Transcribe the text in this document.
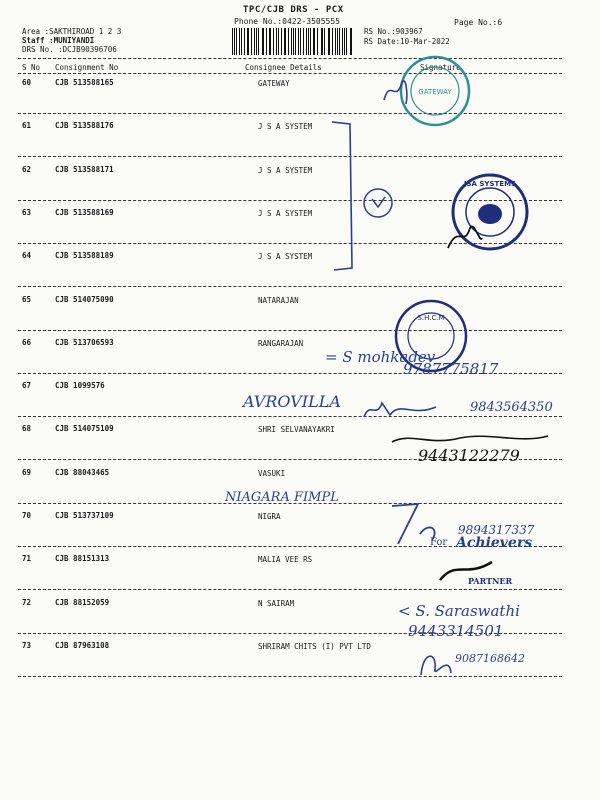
TPC/CJB DRS - PCX
Phone No.:0422-3505555	Page No.:6
Area :SAKTHIROAD 1 2 3
Staff :MUNIYANDI
DRS No. :DCJB90396706
RS No.:903967
RS Date:10-Mar-2022
S No Consignment No	Consignee Details	Signature
60	CJB 513588165	GATEWAY
61	CJB 513588176	J S A SYSTEM
62	CJB 513588171	J S A SYSTEM
63	CJB 513588169	J S A SYSTEM
64	CJB 513588189	J S A SYSTEM
65	CJB 514075090	NATARAJAN
66	CJB 513706593	RANGARAJAN
67	CJB 1099576
68	CJB 514075109	SHRI SELVANAYAKRI
69	CJB 88043465	VASUKI
70	CJB 513737109	NIGRA
71	CJB 88151313	MALIA VEE RS
72	CJB 88152059	N SAIRAM
73	CJB 87963108	SHRIRAM CHITS (I) PVT LTD
GATEWAY
JSA SYSTEMS
S.H.C.M
= S mohkadev
9787775817
AVROVILLA	9843564350
9443122279
NIAGARA FIMPL
9894317337
For Achievers
PARTNER
< S. Saraswathi
9443314501
9087168642
